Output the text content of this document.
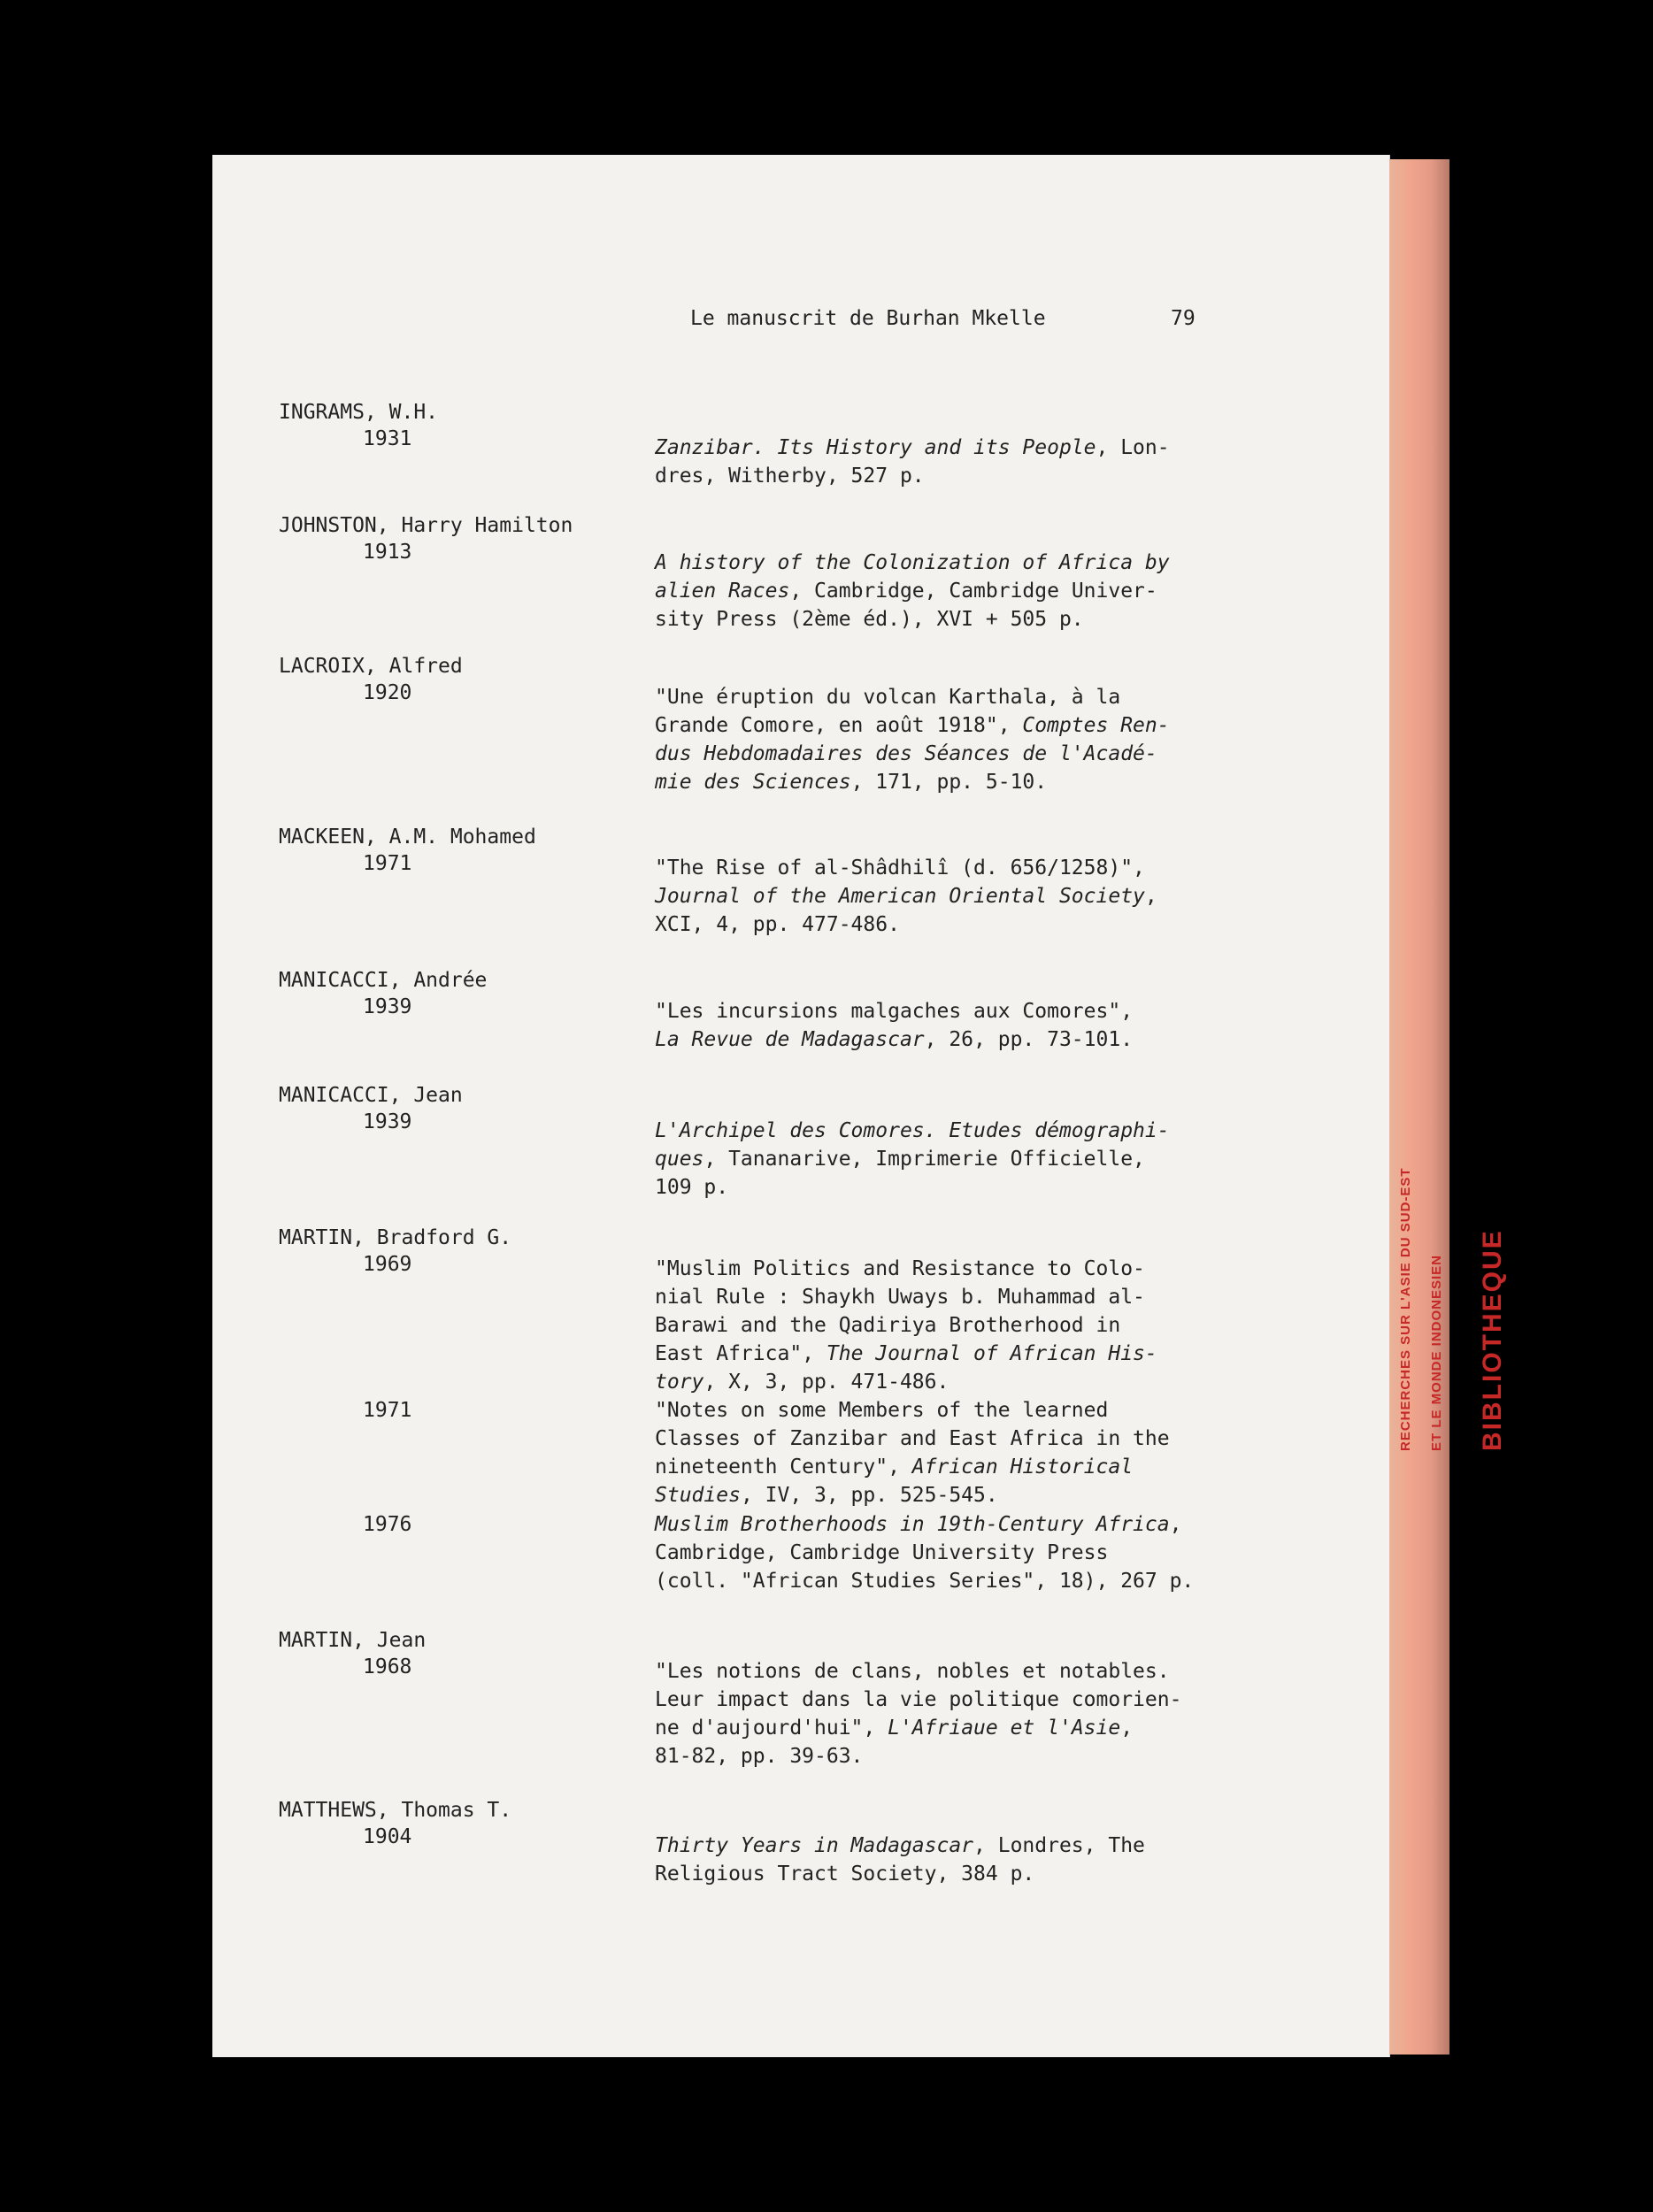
RECHERCHES SUR L'ASIE DU SUD-EST ET LE MONDE INDONESIEN BIBLIOTHEQUE
Le manuscrit de Burhan Mkelle	79
INGRAMS, W.H.
1931	Zanzibar. Its History and its People, Lon-
dres, Witherby, 527 p.
JOHNSTON, Harry Hamilton
1913	A history of the Colonization of Africa by
alien Races, Cambridge, Cambridge Univer-
sity Press (2ème éd.), XVI + 505 p.
LACROIX, Alfred
1920	"Une éruption du volcan Karthala, à la
Grande Comore, en août 1918", Comptes Ren-
dus Hebdomadaires des Séances de l'Acadé-
mie des Sciences, 171, pp. 5-10.
MACKEEN, A.M. Mohamed
1971	"The Rise of al-Shâdhilî (d. 656/1258)",
Journal of the American Oriental Society,
XCI, 4, pp. 477-486.
MANICACCI, Andrée
1939	"Les incursions malgaches aux Comores",
La Revue de Madagascar, 26, pp. 73-101.
MANICACCI, Jean
1939	L'Archipel des Comores. Etudes démographi-
ques, Tananarive, Imprimerie Officielle,
109 p.
MARTIN, Bradford G.
1969	"Muslim Politics and Resistance to Colo-
nial Rule : Shaykh Uways b. Muhammad al-
Barawi and the Qadiriya Brotherhood in
East Africa", The Journal of African His-
tory, X, 3, pp. 471-486.
1971	"Notes on some Members of the learned
Classes of Zanzibar and East Africa in the
nineteenth Century", African Historical
Studies, IV, 3, pp. 525-545.
1976	Muslim Brotherhoods in 19th-Century Africa,
Cambridge, Cambridge University Press
(coll. "African Studies Series", 18), 267 p.
MARTIN, Jean
1968	"Les notions de clans, nobles et notables.
Leur impact dans la vie politique comorien-
ne d'aujourd'hui", L'Afriaue et l'Asie,
81-82, pp. 39-63.
MATTHEWS, Thomas T.
1904	Thirty Years in Madagascar, Londres, The
Religious Tract Society, 384 p.
